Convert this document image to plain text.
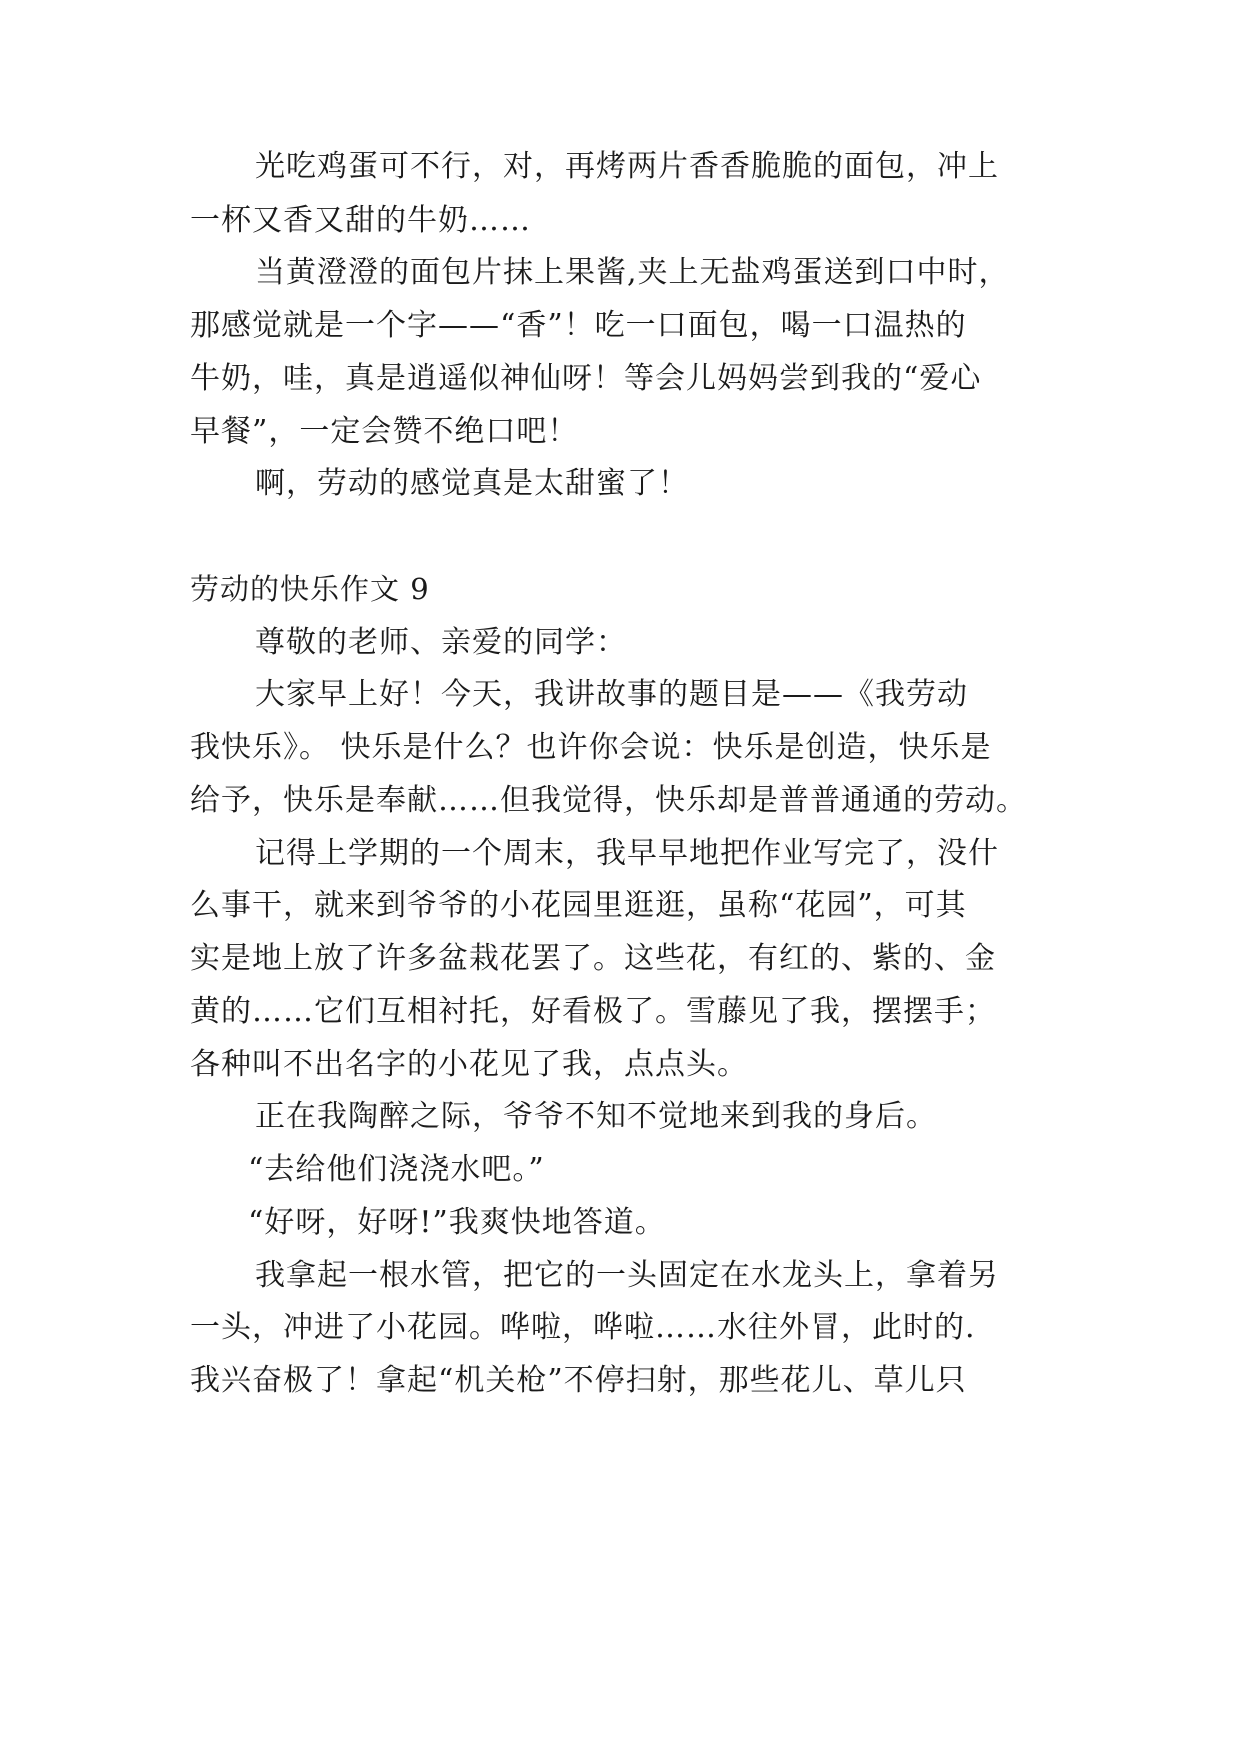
光吃鸡蛋可不行，对，再烤两片香香脆脆的面包，冲上
一杯又香又甜的牛奶……
当黄澄澄的面包片抹上果酱,夹上无盐鸡蛋送到口中时，
那感觉就是一个字——“香”！吃一口面包，喝一口温热的
牛奶，哇，真是逍遥似神仙呀！等会儿妈妈尝到我的“爱心
早餐”，一定会赞不绝口吧！
啊，劳动的感觉真是太甜蜜了！
劳动的快乐作文 9
尊敬的老师、亲爱的同学：
大家早上好！今天，我讲故事的题目是——《我劳动
我快乐》。 快乐是什么？也许你会说：快乐是创造，快乐是
给予，快乐是奉献……但我觉得，快乐却是普普通通的劳动。
记得上学期的一个周末，我早早地把作业写完了，没什
么事干，就来到爷爷的小花园里逛逛，虽称“花园”，可其
实是地上放了许多盆栽花罢了。这些花，有红的、紫的、金
黄的……它们互相衬托，好看极了。雪藤见了我，摆摆手；
各种叫不出名字的小花见了我，点点头。
正在我陶醉之际，爷爷不知不觉地来到我的身后。
“去给他们浇浇水吧。”
“好呀，好呀!”我爽快地答道。
我拿起一根水管，把它的一头固定在水龙头上，拿着另
一头，冲进了小花园。哗啦，哗啦……水往外冒，此时的.
我兴奋极了！拿起“机关枪”不停扫射，那些花儿、草儿只
